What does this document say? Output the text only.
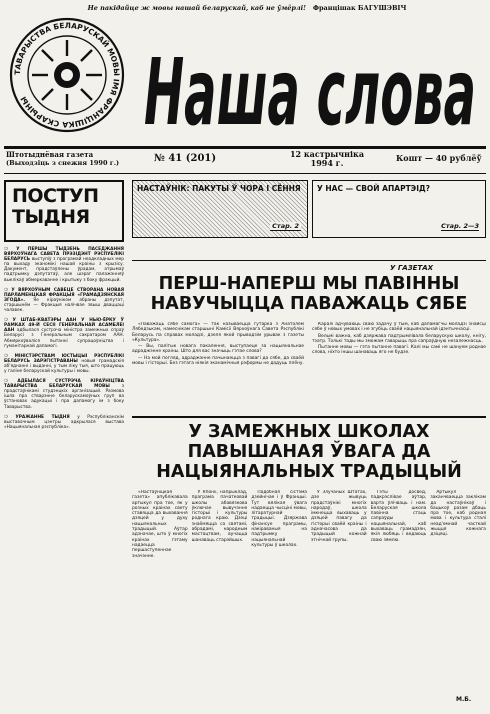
Не пакідайце ж мовы нашай беларускай, каб не ўмёрлі! Францішак БАГУШЭВІЧ
ТАВАРЫСТВА БЕЛАРУСКАЙ МОВЫ ІМЯ ФРАНЦІШКА СКАРЫНЫ	Наша слова
Штотыднёвая газета
(Выходзіць з снежня 1990 г.)	№ 41 (201)	12 кастрычніка
1994 г.	Кошт — 40 рублёў
ПОСТУП
ТЫДНЯ

❍ У ПЕРШЫ ТЫДЗЕНЬ ПАСЕДЖАННЯ ВЯРХОЎНАГА САВЕТА ПРЭЗІДЭНТ РЭСПУБЛІКІ БЕЛАРУСЬ выступіў з праграмай неадкладных мер па выхаду эканомікі нашай краіны з крызісу. Дакумент, прадстаўлены ўрадам, атрымаў падтрымку дэпутатаў, але шэраг палажэнняў выклікаў абмеркаванне і крытыку з боку фракцый.

❍ У ВЯРХОЎНЫМ САВЕЦЕ СТВОРАНА НОВАЯ ПАРЛАМЕНЦКАЯ ФРАКЦЫЯ «ГРАМАДЗЯНСКАЯ ЗГОДА». Яе кіраўніком абраны дэпутат, старшынём — Фракцыя налічвае звыш дваццаці чалавек.

❍ У ШТАБ-КВАТЭРЫ ААН У НЬЮ-ЁРКУ Ў РАМКАХ 49-Й СЕСІІ ГЕНЕРАЛЬНАЙ АСАМБЛЕІ ААН адбылася сустрэча міністра замежных спраў Беларусі з Генеральным сакратаром ААН. Абмяркоўваліся пытанні супрацоўніцтва і гуманітарнай дапамогі.

❍ МІНІСТЭРСТВАМ ЮСТЫЦЫІ РЭСПУБЛІКІ БЕЛАРУСЬ ЗАРЭГІСТРАВАНЫ новыя грамадскія аб'яднанні і выданні, у тым ліку тыя, што працуюць у галіне беларускай культуры і мовы.

❍ АДБЫЛАСЯ СУСТРЭЧА КІРАЎНІЦТВА ТАВАРЫСТВА БЕЛАРУСКАЙ МОВЫ з прадстаўнікамі студэнцкіх арганізацый. Размова ішла пра стварэнне беларускамоўных груп ва ўстановах адукацыі і пра дапамогу ім з боку Таварыства.

❍ УРАЖАННЕ ТЫДНЯ у Рэспубліканскім выставачным цэнтры адкрылася выстава «Нацыянальная рэспубліка».

НАСТАЎНІК: ПАКУТЫ Ў ЧОРА І СЁННЯ
Стар. 2
У НАС — СВОЙ АПАРТЭІД?
Стар. 2—3
У ГАЗЕТАХ
ПЕРШ-НАПЕРШ МЫ ПАВІННЫ
НАВУЧЫЦЦА ПАВАЖАЦЬ СЯБЕ

«Паважаць сябе самога» — так называецца гутарка з Анатолем Лябедзькам, намеснікам старшыні Камісіі Вярхоўнага Савета Рэспублікі Беларусь па справах моладзі, дзеля якой прыводзім урывак з газеты «Культура».

— Вы, палітык новага пакалення, выступаеце за нацыянальнае адраджэнне краіны. Што для вас значыць гэтае слова?

— На мой погляд, адраджэнне пачынаецца з павагі да сябе, да сваёй мовы і гісторыі. Без гэтага ніякія эканамічныя рэформы не дадуць плёну.

Каралі адчуваюць сваю задачу ў тым, каб дапамагчы моладзі знайсці сябе ў новых умовах і не згубіць сваёй нацыянальнай ідэнтычнасці.

Вельмі важна, каб дзяржава падтрымлівала беларускую школу, кнігу, тэатр. Толькі тады мы зможам гаварыць пра сапраўдную незалежнасць.

Пытанне мовы — гэта пытанне павагі. Калі мы самі не шануем роднае слова, ніхто іншы шанаваць яго не будзе.

У ЗАМЕЖНЫХ ШКОЛАХ
ПАВЫШАНАЯ ЎВАГА ДА
НАЦЫЯНАЛЬНЫХ ТРАДЫЦЫЙ

«Настаўніцкая газета» апублікавала артыкул пра тое, як у розных краінах свету ставяцца да выхавання дзяцей у духу нацыянальных традыцый. Аўтар адзначае, што ў многіх краінах гэтаму надаецца першаступеннае значэнне.

У Японіі, напрыклад, праграма пачатковай школы абавязкова ўключае вывучэнне гісторыі і культуры роднага краю. Дзеці знаёмяцца са святамі, абрадамі, народным мастацтвам, вучацца шанаваць старэйшых.

Падобная сістэма дзейнічае і ў Францыі. Тут вялікая ўвага надаецца чысціні мовы, літаратурнай традыцыі. Дзяржава фінансуе праграмы, накіраваныя на падтрымку нацыянальнай культуры ў школах.

У Злучаных Штатах, дзе жывуць прадстаўнікі многіх народаў, школа імкнецца выхаваць у дзяцей павагу да гісторыі сваёй краіны і адначасова да традыцый кожнай этнічнай групы.

Гэты досвед, падкрэслівае аўтар, варта ўлічваць і нам. Беларуская школа павінна стаць сапраўды нацыянальнай, каб выхаваць грамадзян, якія любяць і ведаюць сваю зямлю.

Артыкул заканчваецца заклікам да настаўнікаў і бацькоў разам дбаць пра тое, каб родная мова і культура сталі неад'емнай часткай жыцця кожнага дзіцяці.

М.Б.
